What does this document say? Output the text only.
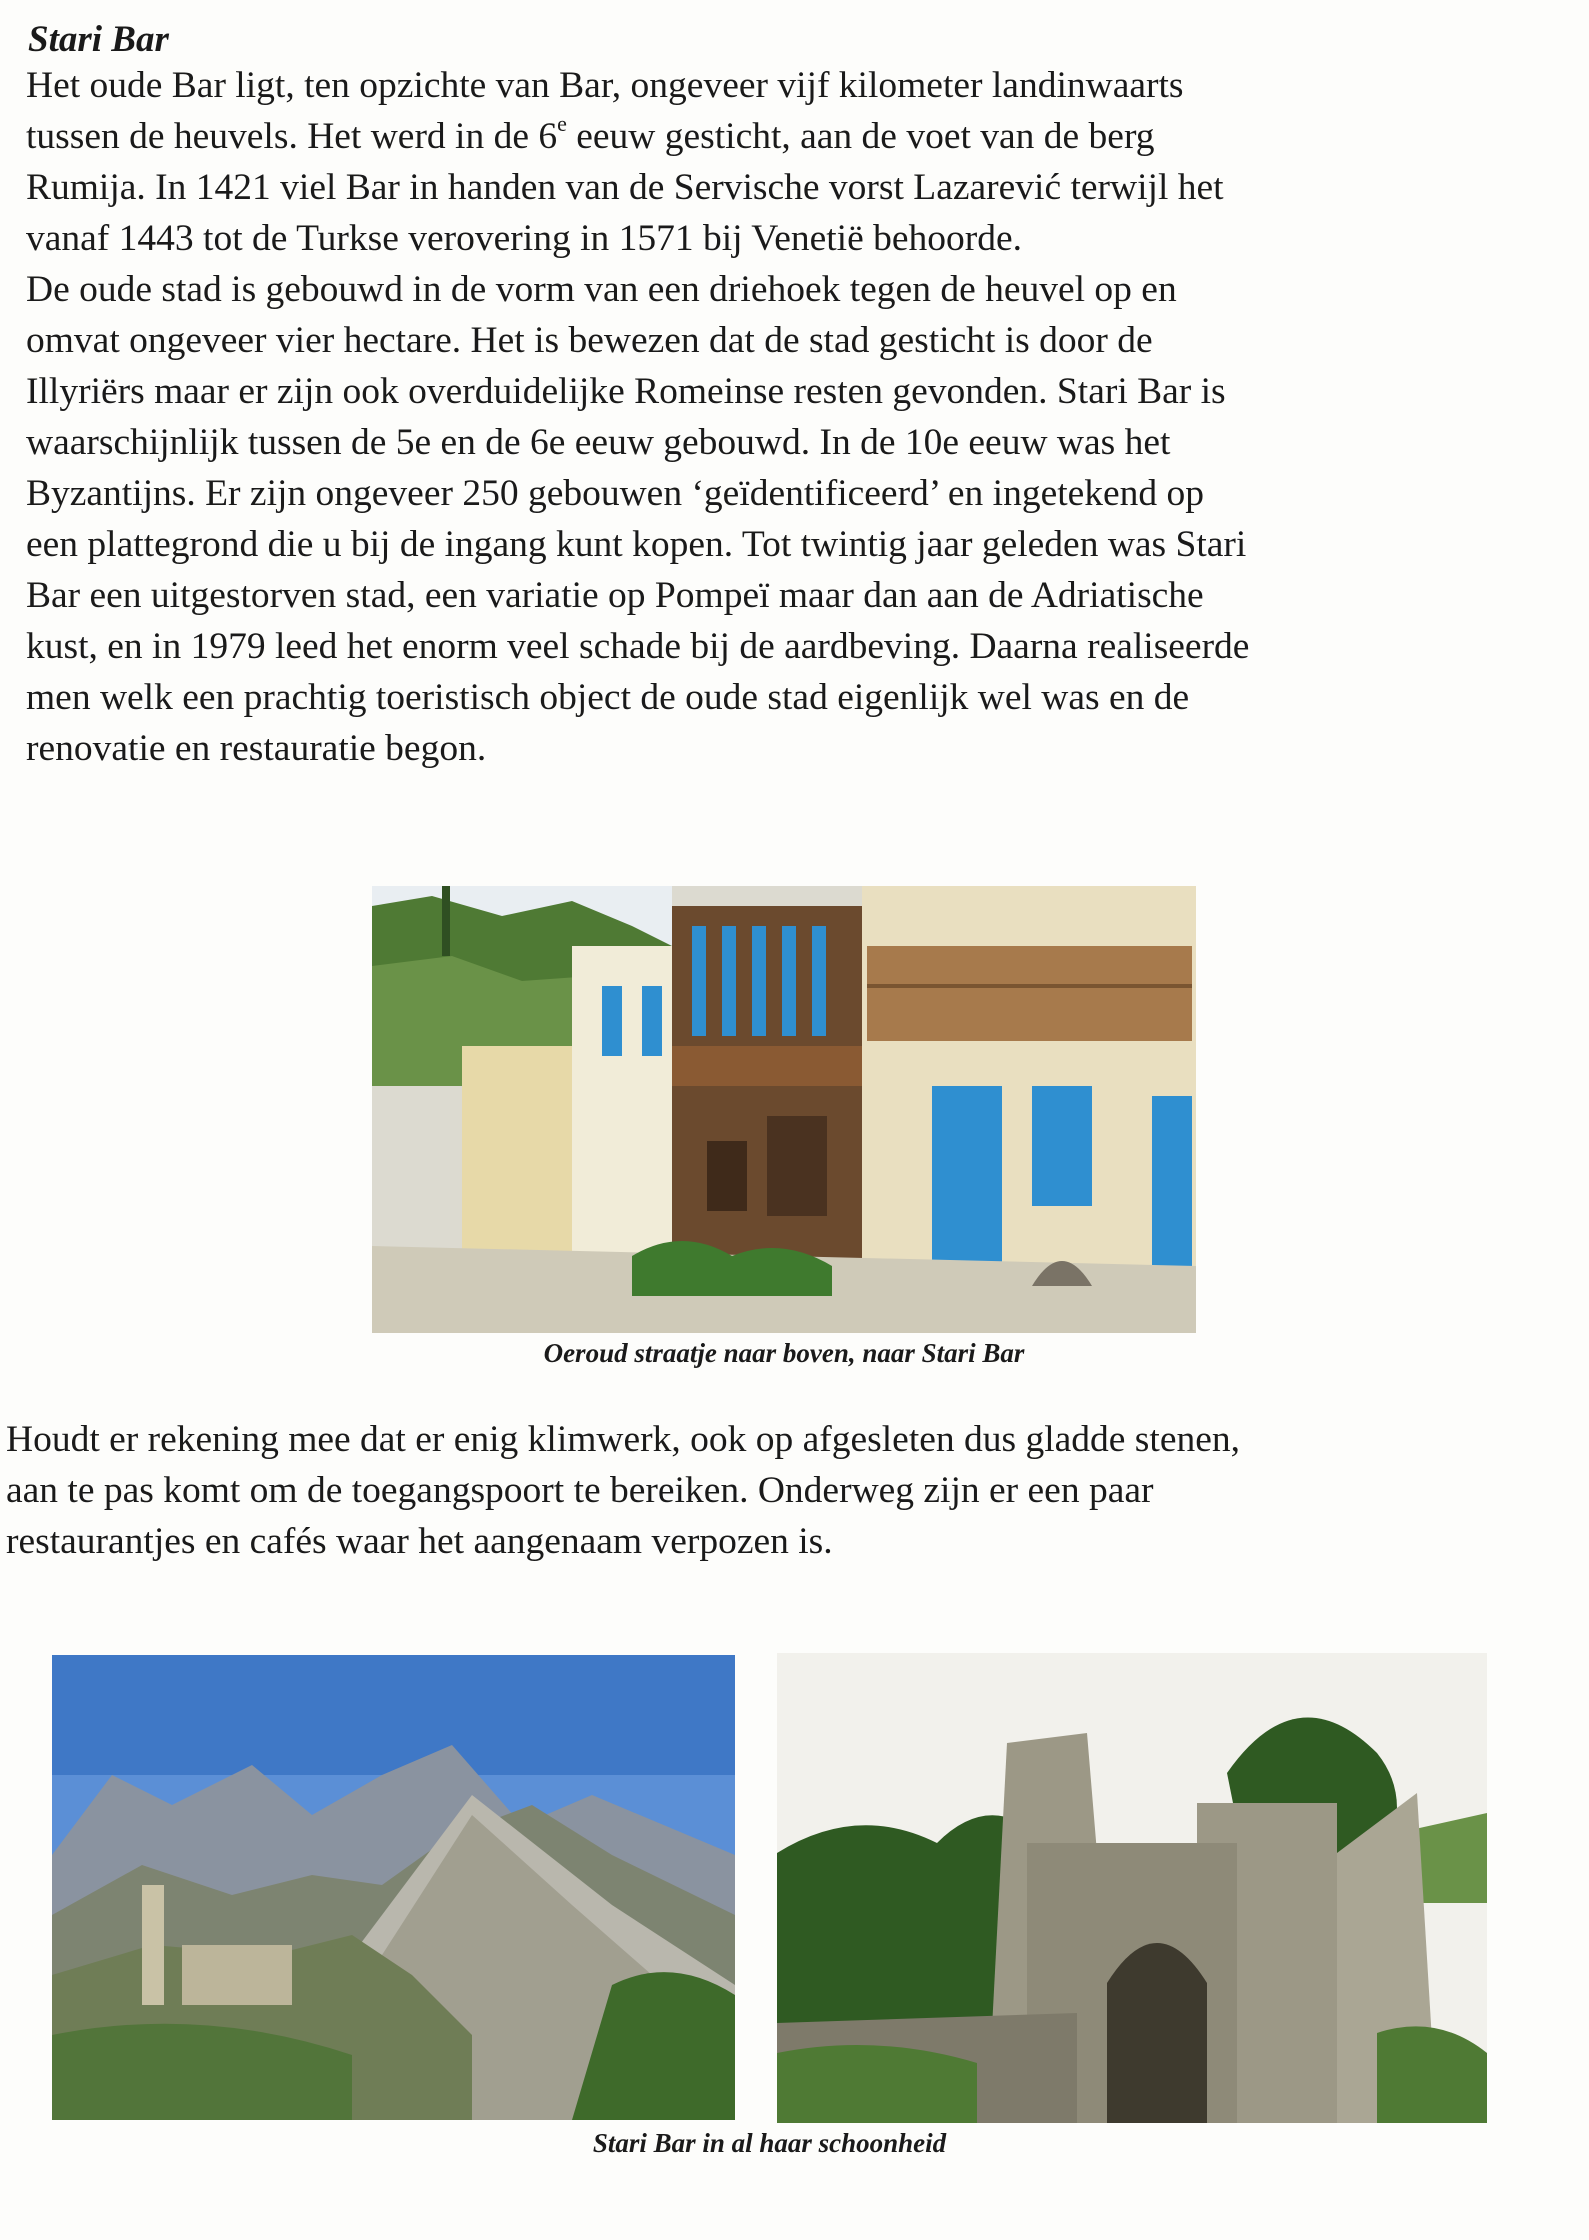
Stari Bar
Het oude Bar ligt, ten opzichte van Bar, ongeveer vijf kilometer landinwaarts
tussen de heuvels. Het werd in de 6e eeuw gesticht, aan de voet van de berg
Rumija. In 1421 viel Bar in handen van de Servische vorst Lazarević terwijl het
vanaf 1443 tot de Turkse verovering in 1571 bij Venetië behoorde.
De oude stad is gebouwd in de vorm van een driehoek tegen de heuvel op en
omvat ongeveer vier hectare. Het is bewezen dat de stad gesticht is door de
Illyriërs maar er zijn ook overduidelijke Romeinse resten gevonden. Stari Bar is
waarschijnlijk tussen de 5e en de 6e eeuw gebouwd. In de 10e eeuw was het
Byzantijns. Er zijn ongeveer 250 gebouwen ‘geïdentificeerd’ en ingetekend op
een plattegrond die u bij de ingang kunt kopen. Tot twintig jaar geleden was Stari
Bar een uitgestorven stad, een variatie op Pompeï maar dan aan de Adriatische
kust, en in 1979 leed het enorm veel schade bij de aardbeving. Daarna realiseerde
men welk een prachtig toeristisch object de oude stad eigenlijk wel was en de
renovatie en restauratie begon.

Oeroud straatje naar boven, naar Stari Bar

Houdt er rekening mee dat er enig klimwerk, ook op afgesleten dus gladde stenen,
aan te pas komt om de toegangspoort te bereiken. Onderweg zijn er een paar
restaurantjes en cafés waar het aangenaam verpozen is.

Stari Bar in al haar schoonheid
